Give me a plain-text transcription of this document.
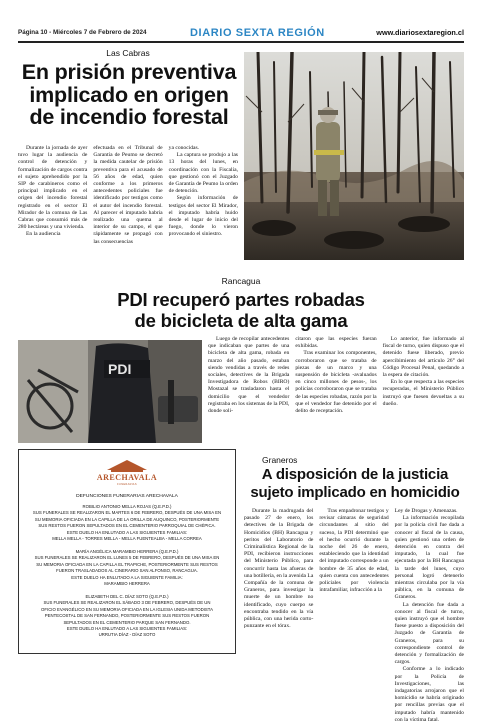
Página 10 - Miércoles 7 de Febrero de 2024	DIARIO SEXTA REGIÓN	www.diariosextaregion.cl
Las Cabras
En prisión preventiva
implicado en origen
de incendio forestal

Durante la jornada de ayer tuvo lugar la audiencia de control de detención y formalización de cargos contra el sujeto aprehendido por la SIP de carabineros como el principal implicado en el origen del incendio forestal registrado en el sector El Mirador de la comuna de Las Cabras que consumió más de 280 hectáreas y una vivienda.

En la audiencia

efectuada en el Tribunal de Garantía de Peumo se decretó la medida cautelar de prisión preventiva para el acusado de 56 años de edad, quien conforme a los primeros antecedentes policiales fue identificado por testigos como el autor del incendio forestal. Al parecer el imputado habría realizado una quema al interior de su campo, el que rápidamente se propagó con las consecuencias

ya conocidas.

La captura se produjo a las 13 horas del lunes, en coordinación con la Fiscalía, que gestionó con el Juzgado de Garantía de Peumo la orden de detención.

Según información de testigos del sector El Mirador, el imputado habría huido desde el lugar de inicio del fuego, donde lo vieron provocando el siniestro.

Rancagua
PDI recuperó partes robadas
de bicicleta de alta gama
PDI

Luego de recopilar antecedentes que indicaban que partes de una bicicleta de alta gama, robada en marzo del año pasado, estaban siendo vendidas a través de redes sociales, detectives de la Brigada Investigadora de Robos (BIRO) Mostazal se trasladaron hasta el domicilio que el vendedor registraba en los sistemas de la PDI, donde soli-

citaron que las especies fueran exhibidas.

Tras examinar los componentes, corroboraron que se trataba de piezas de un marco y una suspensión de bicicleta -avaluados en cinco millones de pesos-, los policías corroboraron que se trataba de las especies robadas, razón por la que el vendedor fue detenido por el delito de receptación.

Lo anterior, fue informado al fiscal de turno, quien dispuso que el detenido fuese liberado, previo apercibimiento del artículo 26° del Código Procesal Penal, quedando a la espera de citación.

En lo que respecta a las especies recuperadas, el Ministerio Público instruyó que fuesen devueltas a su dueño.

ARECHAVALA
FUNERARIAS
DEFUNCIONES FUNERARIAS ARECHAVALA
ROBILIO ANTONIO MELLA ROJAS (Q.E.P.D.)
SUS FUNERALES SE REALIZARON EL MARTES 6 DE FEBRERO, DESPUÉS DE UNA MISA EN
SU MEMORIA OFICIADA EN LA CAPILLA DE LA ORILLA DE AUQUINCO, POSTERIORMENTE
SUS RESTOS FUERON SEPULTADOS EN EL CEMENTERIO PARROQUIAL DE CHÉPICA.
ESTE DUELO HA ENLUTADO A LAS SIGUIENTES FAMILIAS:
MELLA MELLA - TORRES MELLA - MELLA FUENTEALBA - MELLA CORREA
MARÍA ANGÉLICA MARAMBIO HERRERA (Q.E.P.D.)
SUS FUNERALES SE REALIZARON EL LUNES 5 DE FEBRERO, DESPUÉS DE UNA MISA EN
SU MEMORIA OFICIADA EN LA CAPILLA EL TRAPICHE, POSTERIORMENTE SUS RESTOS
FUERON TRASLADADOS AL CINERARIO SAN ALFONSO, RANCAGUA.
ESTE DUELO HA ENLUTADO A LA SIGUIENTE FAMILIA:
MARAMBIO HERRERA
ELIZABETH DEL C. DÍAZ SOTO (Q.E.P.D.)
SUS FUNERALES SE REALIZARON EL SÁBADO 3 DE FEBRERO, DESPUÉS DE UN
OFICIO EVANGÉLICO EN SU MEMORIA OFICIADA EN LA IGLESIA UNIDA METODISTA
PENTECOSTAL DE SAN FERNANDO, POSTERIORMENTE SUS RESTOS FUERON
SEPULTADOS EN EL CEMENTERIO PARQUE SAN FERNANDO.
ESTE DUELO HA ENLUTADO A LAS SIGUIENTES FAMILIAS:
URRUTIA DÍAZ - DÍAZ SOTO
Graneros
A disposición de la justicia
sujeto implicado en homicidio

Durante la madrugada del pasado 27 de enero, los detectives de la Brigada de Homicidios (BH) Rancagua y peritos del Laboratorio de Criminalística Regional de la PDI, recibieron instrucciones del Ministerio Público, para concurrir hasta las afueras de una botillería, en la avenida La Compañía de la comuna de Graneros, para investigar la muerte de un hombre no identificado, cuyo cuerpo se encontraba tendido en la vía pública, con una herida corto-punzante en el tórax.

Tras empadronar testigos y revisar cámaras de seguridad circundantes al sitio del suceso, la PDI determinó que el hecho ocurrió durante la noche del 26 de enero, estableciendo que la identidad del imputado corresponde a un hombre de 35 años de edad, quien cuenta con antecedentes policiales por violencia intrafamiliar, infracción a la

Ley de Drogas y Amenazas.

La información recopilada por la policía civil fue dada a conocer al fiscal de la causa, quien gestionó una orden de detención en contra del imputado, la cual fue ejecutada por la BH Rancagua la tarde del lunes, cuyo personal logró detenerlo mientras circulaba por la vía pública, en la comuna de Graneros.

La detención fue dada a conocer al fiscal de turno, quien instruyó que el hombre fuese puesto a disposición del Juzgado de Garantía de Graneros, para su correspondiente control de detención y formalización de cargos.

Conforme a lo indicado por la Policía de Investigaciones, las indagatorias arrojaron que el homicidio se habría originado por rencillas previas que el imputado habría mantenido con la víctima fatal.
